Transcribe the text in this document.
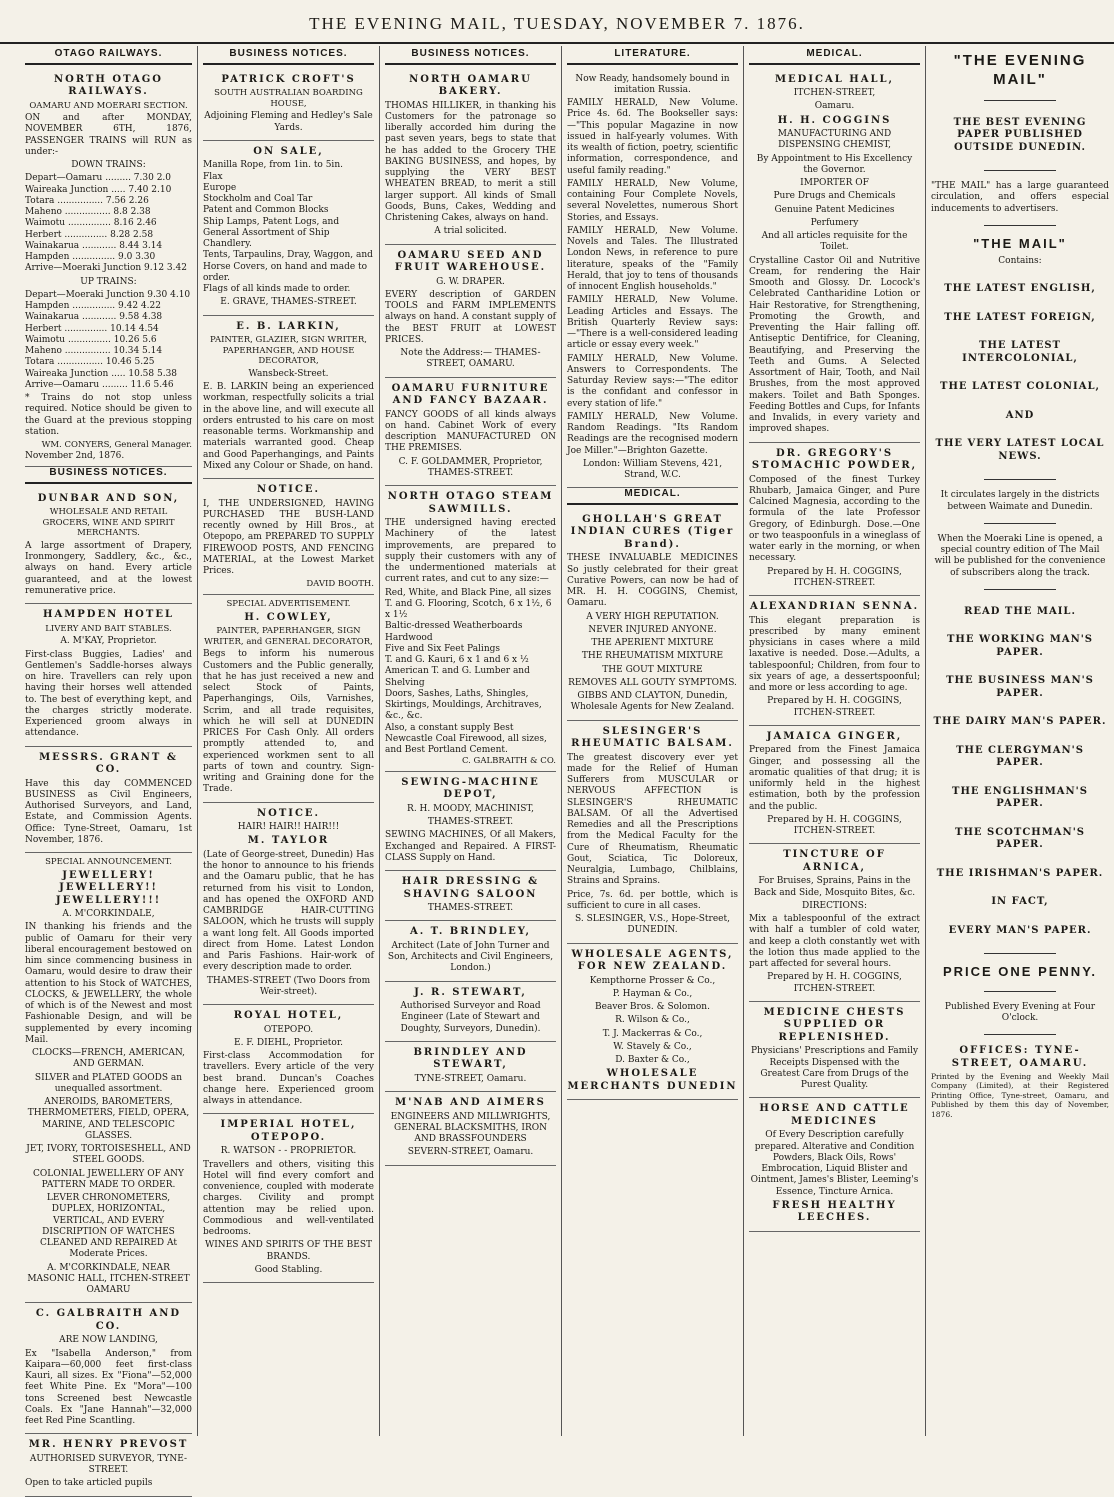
THE EVENING MAIL, TUESDAY, NOVEMBER 7. 1876.
OTAGO RAILWAYS.
NORTH OTAGO RAILWAYS.
OAMARU AND MOERARI SECTION.
ON and after MONDAY, NOVEMBER 6TH, 1876, PASSENGER TRAINS will RUN as under:-
DOWN TRAINS:
Depart—Oamaru ......... 7.30 2.0
Waireaka Junction ..... 7.40 2.10
Totara ................ 7.56 2.26
Maheno ................ 8.8 2.38
Waimotu ............... 8.16 2.46
Herbert ............... 8.28 2.58
Wainakarua ............ 8.44 3.14
Hampden ............... 9.0 3.30
Arrive—Moeraki Junction 9.12 3.42
UP TRAINS:
Depart—Moeraki Junction 9.30 4.10
Hampden ............... 9.42 4.22
Wainakarua ............ 9.58 4.38
Herbert ............... 10.14 4.54
Waimotu ............... 10.26 5.6
Maheno ................ 10.34 5.14
Totara ................ 10.46 5.25
Waireaka Junction ..... 10.58 5.38
Arrive—Oamaru ......... 11.6 5.46
* Trains do not stop unless required. Notice should be given to the Guard at the previous stopping station.
WM. CONYERS, General Manager.
November 2nd, 1876.
BUSINESS NOTICES.
DUNBAR AND SON,
WHOLESALE AND RETAIL GROCERS, WINE AND SPIRIT MERCHANTS.
A large assortment of Drapery, Ironmongery, Saddlery, &c., &c., always on hand. Every article guaranteed, and at the lowest remunerative price.
HAMPDEN HOTEL
LIVERY AND BAIT STABLES.
A. M'KAY, Proprietor.
First-class Buggies, Ladies' and Gentlemen's Saddle-horses always on hire. Travellers can rely upon having their horses well attended to. The best of everything kept, and the charges strictly moderate. Experienced groom always in attendance.
MESSRS. GRANT & CO.
Have this day COMMENCED BUSINESS as Civil Engineers, Authorised Surveyors, and Land, Estate, and Commission Agents. Office: Tyne-Street, Oamaru, 1st November, 1876.
SPECIAL ANNOUNCEMENT.
JEWELLERY! JEWELLERY!! JEWELLERY!!!
A. M'CORKINDALE,
IN thanking his friends and the public of Oamaru for their very liberal encouragement bestowed on him since commencing business in Oamaru, would desire to draw their attention to his Stock of WATCHES, CLOCKS, & JEWELLERY, the whole of which is of the Newest and most Fashionable Design, and will be supplemented by every incoming Mail.
CLOCKS—FRENCH, AMERICAN, AND GERMAN.
SILVER and PLATED GOODS an unequalled assortment.
ANEROIDS, BAROMETERS, THERMOMETERS, FIELD, OPERA, MARINE, AND TELESCOPIC GLASSES.
JET, IVORY, TORTOISESHELL, AND STEEL GOODS.
COLONIAL JEWELLERY OF ANY PATTERN MADE TO ORDER.
LEVER CHRONOMETERS, DUPLEX, HORIZONTAL, VERTICAL, AND EVERY DISCRIPTION OF WATCHES CLEANED AND REPAIRED At Moderate Prices.
A. M'CORKINDALE, NEAR MASONIC HALL, ITCHEN-STREET OAMARU
C. GALBRAITH AND CO.
ARE NOW LANDING,
Ex "Isabella Anderson," from Kaipara—60,000 feet first-class Kauri, all sizes. Ex "Fiona"—52,000 feet White Pine. Ex "Mora"—100 tons Screened best Newcastle Coals. Ex "Jane Hannah"—32,000 feet Red Pine Scantling.
MR. HENRY PREVOST
AUTHORISED SURVEYOR, TYNE-STREET.
Open to take articled pupils
BUSINESS NOTICES.
PATRICK CROFT'S
SOUTH AUSTRALIAN BOARDING HOUSE,
Adjoining Fleming and Hedley's Sale Yards.
ON SALE,
Manilla Rope, from 1in. to 5in.
Flax
Europe
Stockholm and Coal Tar
Patent and Common Blocks
Ship Lamps, Patent Logs, and General Assortment of Ship Chandlery.
Tents, Tarpaulins, Dray, Waggon, and Horse Covers, on hand and made to order.
Flags of all kinds made to order.
E. GRAVE, THAMES-STREET.
E. B. LARKIN,
PAINTER, GLAZIER, SIGN WRITER, PAPERHANGER, AND HOUSE DECORATOR,
Wansbeck-Street.
E. B. LARKIN being an experienced workman, respectfully solicits a trial in the above line, and will execute all orders entrusted to his care on most reasonable terms. Workmanship and materials warranted good. Cheap and Good Paperhangings, and Paints Mixed any Colour or Shade, on hand.
NOTICE.
I, THE UNDERSIGNED, HAVING PURCHASED THE BUSH-LAND recently owned by Hill Bros., at Otepopo, am PREPARED TO SUPPLY FIREWOOD POSTS, AND FENCING MATERIAL, at the Lowest Market Prices.
DAVID BOOTH.
SPECIAL ADVERTISEMENT.
H. COWLEY,
PAINTER, PAPERHANGER, SIGN WRITER, and GENERAL DECORATOR,
Begs to inform his numerous Customers and the Public generally, that he has just received a new and select Stock of Paints, Paperhangings, Oils, Varnishes, Scrim, and all trade requisites, which he will sell at DUNEDIN PRICES For Cash Only. All orders promptly attended to, and experienced workmen sent to all parts of town and country. Sign-writing and Graining done for the Trade.
NOTICE.
HAIR! HAIR!! HAIR!!!
M. TAYLOR
(Late of George-street, Dunedin) Has the honor to announce to his friends and the Oamaru public, that he has returned from his visit to London, and has opened the OXFORD AND CAMBRIDGE HAIR-CUTTING SALOON, which he trusts will supply a want long felt. All Goods imported direct from Home. Latest London and Paris Fashions. Hair-work of every description made to order.
THAMES-STREET (Two Doors from Weir-street).
ROYAL HOTEL,
OTEPOPO.
E. F. DIEHL, Proprietor.
First-class Accommodation for travellers. Every article of the very best brand. Duncan's Coaches change here. Experienced groom always in attendance.
IMPERIAL HOTEL, OTEPOPO.
R. WATSON - - PROPRIETOR.
Travellers and others, visiting this Hotel will find every comfort and convenience, coupled with moderate charges. Civility and prompt attention may be relied upon. Commodious and well-ventilated bedrooms.
WINES AND SPIRITS OF THE BEST BRANDS.
Good Stabling.
BUSINESS NOTICES.
NORTH OAMARU BAKERY.
THOMAS HILLIKER, in thanking his Customers for the patronage so liberally accorded him during the past seven years, begs to state that he has added to the Grocery THE BAKING BUSINESS, and hopes, by supplying the VERY BEST WHEATEN BREAD, to merit a still larger support. All kinds of Small Goods, Buns, Cakes, Wedding and Christening Cakes, always on hand.
A trial solicited.
OAMARU SEED AND FRUIT WAREHOUSE.
G. W. DRAPER.
EVERY description of GARDEN TOOLS and FARM IMPLEMENTS always on hand. A constant supply of the BEST FRUIT at LOWEST PRICES.
Note the Address:— THAMES-STREET, OAMARU.
OAMARU FURNITURE AND FANCY BAZAAR.
FANCY GOODS of all kinds always on hand. Cabinet Work of every description MANUFACTURED ON THE PREMISES.
C. F. GOLDAMMER, Proprietor, THAMES-STREET.
NORTH OTAGO STEAM SAWMILLS.
THE undersigned having erected Machinery of the latest improvements, are prepared to supply their customers with any of the undermentioned materials at current rates, and cut to any size:—
Red, White, and Black Pine, all sizes
T. and G. Flooring, Scotch, 6 x 1½, 6 x 1½
Baltic-dressed Weatherboards
Hardwood
Five and Six Feet Palings
T. and G. Kauri, 6 x 1 and 6 x ½
American T. and G. Lumber and Shelving
Doors, Sashes, Laths, Shingles, Skirtings, Mouldings, Architraves, &c., &c.
Also, a constant supply Best Newcastle Coal Firewood, all sizes, and Best Portland Cement.
C. GALBRAITH & CO.
SEWING-MACHINE DEPOT,
R. H. MOODY, MACHINIST,
THAMES-STREET.
SEWING MACHINES, Of all Makers, Exchanged and Repaired. A FIRST-CLASS Supply on Hand.
HAIR DRESSING & SHAVING SALOON
THAMES-STREET.
A. T. BRINDLEY,
Architect (Late of John Turner and Son, Architects and Civil Engineers, London.)
J. R. STEWART,
Authorised Surveyor and Road Engineer (Late of Stewart and Doughty, Surveyors, Dunedin).
BRINDLEY AND STEWART,
TYNE-STREET, Oamaru.
M'NAB AND AIMERS
ENGINEERS AND MILLWRIGHTS, GENERAL BLACKSMITHS, IRON AND BRASSFOUNDERS
SEVERN-STREET, Oamaru.
LITERATURE.
Now Ready, handsomely bound in imitation Russia.
FAMILY HERALD, New Volume. Price 4s. 6d. The Bookseller says:—"This popular Magazine in now issued in half-yearly volumes. With its wealth of fiction, poetry, scientific information, correspondence, and useful family reading."
FAMILY HERALD, New Volume, containing Four Complete Novels, several Novelettes, numerous Short Stories, and Essays.
FAMILY HERALD, New Volume. Novels and Tales. The Illustrated London News, in reference to pure literature, speaks of the "Family Herald, that joy to tens of thousands of innocent English households."
FAMILY HERALD, New Volume. Leading Articles and Essays. The British Quarterly Review says:—"There is a well-considered leading article or essay every week."
FAMILY HERALD, New Volume. Answers to Correspondents. The Saturday Review says:—"The editor is the confidant and confessor in every station of life."
FAMILY HERALD, New Volume. Random Readings. "Its Random Readings are the recognised modern Joe Miller."—Brighton Gazette.
London: William Stevens, 421, Strand, W.C.
MEDICAL.
GHOLLAH'S GREAT INDIAN CURES (Tiger Brand).
THESE INVALUABLE MEDICINES So justly celebrated for their great Curative Powers, can now be had of MR. H. H. COGGINS, Chemist, Oamaru.
A VERY HIGH REPUTATION.
NEVER INJURED ANYONE.
THE APERIENT MIXTURE
THE RHEUMATISM MIXTURE
THE GOUT MIXTURE
REMOVES ALL GOUTY SYMPTOMS.
GIBBS AND CLAYTON, Dunedin, Wholesale Agents for New Zealand.
SLESINGER'S RHEUMATIC BALSAM.
The greatest discovery ever yet made for the Relief of Human Sufferers from MUSCULAR or NERVOUS AFFECTION is SLESINGER'S RHEUMATIC BALSAM. Of all the Advertised Remedies and all the Prescriptions from the Medical Faculty for the Cure of Rheumatism, Rheumatic Gout, Sciatica, Tic Doloreux, Neuralgia, Lumbago, Chilblains, Strains and Sprains.
Price, 7s. 6d. per bottle, which is sufficient to cure in all cases.
S. SLESINGER, V.S., Hope-Street, DUNEDIN.
WHOLESALE AGENTS, FOR NEW ZEALAND.
Kempthorne Prosser & Co.,
P. Hayman & Co.,
Beaver Bros. & Solomon.
R. Wilson & Co.,
T. J. Mackerras & Co.,
W. Stavely & Co.,
D. Baxter & Co.,
WHOLESALE MERCHANTS DUNEDIN
MEDICAL.
MEDICAL HALL,
ITCHEN-STREET,
Oamaru.
H. H. COGGINS
MANUFACTURING AND DISPENSING CHEMIST,
By Appointment to His Excellency the Governor.
IMPORTER OF
Pure Drugs and Chemicals
Genuine Patent Medicines
Perfumery
And all articles requisite for the Toilet.
Crystalline Castor Oil and Nutritive Cream, for rendering the Hair Smooth and Glossy. Dr. Locock's Celebrated Cantharidine Lotion or Hair Restorative, for Strengthening, Promoting the Growth, and Preventing the Hair falling off. Antiseptic Dentifrice, for Cleaning, Beautifying, and Preserving the Teeth and Gums. A Selected Assortment of Hair, Tooth, and Nail Brushes, from the most approved makers. Toilet and Bath Sponges. Feeding Bottles and Cups, for Infants and Invalids, in every variety and improved shapes.
DR. GREGORY'S STOMACHIC POWDER,
Composed of the finest Turkey Rhubarb, Jamaica Ginger, and Pure Calcined Magnesia, according to the formula of the late Professor Gregory, of Edinburgh. Dose.—One or two teaspoonfuls in a wineglass of water early in the morning, or when necessary.
Prepared by H. H. COGGINS, ITCHEN-STREET.
ALEXANDRIAN SENNA.
This elegant preparation is prescribed by many eminent physicians in cases where a mild laxative is needed. Dose.—Adults, a tablespoonful; Children, from four to six years of age, a dessertspoonful; and more or less according to age.
Prepared by H. H. COGGINS, ITCHEN-STREET.
JAMAICA GINGER,
Prepared from the Finest Jamaica Ginger, and possessing all the aromatic qualities of that drug; it is uniformly held in the highest estimation, both by the profession and the public.
Prepared by H. H. COGGINS, ITCHEN-STREET.
TINCTURE OF ARNICA,
For Bruises, Sprains, Pains in the Back and Side, Mosquito Bites, &c.
DIRECTIONS:
Mix a tablespoonful of the extract with half a tumbler of cold water, and keep a cloth constantly wet with the lotion thus made applied to the part affected for several hours.
Prepared by H. H. COGGINS, ITCHEN-STREET.
MEDICINE CHESTS SUPPLIED OR REPLENISHED.
Physicians' Prescriptions and Family Receipts Dispensed with the Greatest Care from Drugs of the Purest Quality.
HORSE AND CATTLE MEDICINES
Of Every Description carefully prepared. Alterative and Condition Powders, Black Oils, Rows' Embrocation, Liquid Blister and Ointment, James's Blister, Leeming's Essence, Tincture Arnica.
FRESH HEALTHY LEECHES.
"THE EVENING MAIL"
THE BEST EVENING PAPER PUBLISHED OUTSIDE DUNEDIN.
"THE MAIL" has a large guaranteed circulation, and offers especial inducements to advertisers.
"THE MAIL"
Contains:
THE LATEST ENGLISH,
THE LATEST FOREIGN,
THE LATEST INTERCOLONIAL,
THE LATEST COLONIAL,
AND
THE VERY LATEST LOCAL NEWS.
It circulates largely in the districts between Waimate and Dunedin.
When the Moeraki Line is opened, a special country edition of The Mail will be published for the convenience of subscribers along the track.
READ THE MAIL.
THE WORKING MAN'S PAPER.
THE BUSINESS MAN'S PAPER.
THE DAIRY MAN'S PAPER.
THE CLERGYMAN'S PAPER.
THE ENGLISHMAN'S PAPER.
THE SCOTCHMAN'S PAPER.
THE IRISHMAN'S PAPER.
IN FACT,
EVERY MAN'S PAPER.
PRICE ONE PENNY.
Published Every Evening at Four O'clock.
OFFICES: TYNE-STREET, OAMARU.
Printed by the Evening and Weekly Mail Company (Limited), at their Registered Printing Office, Tyne-street, Oamaru, and Published by them this day of November, 1876.
